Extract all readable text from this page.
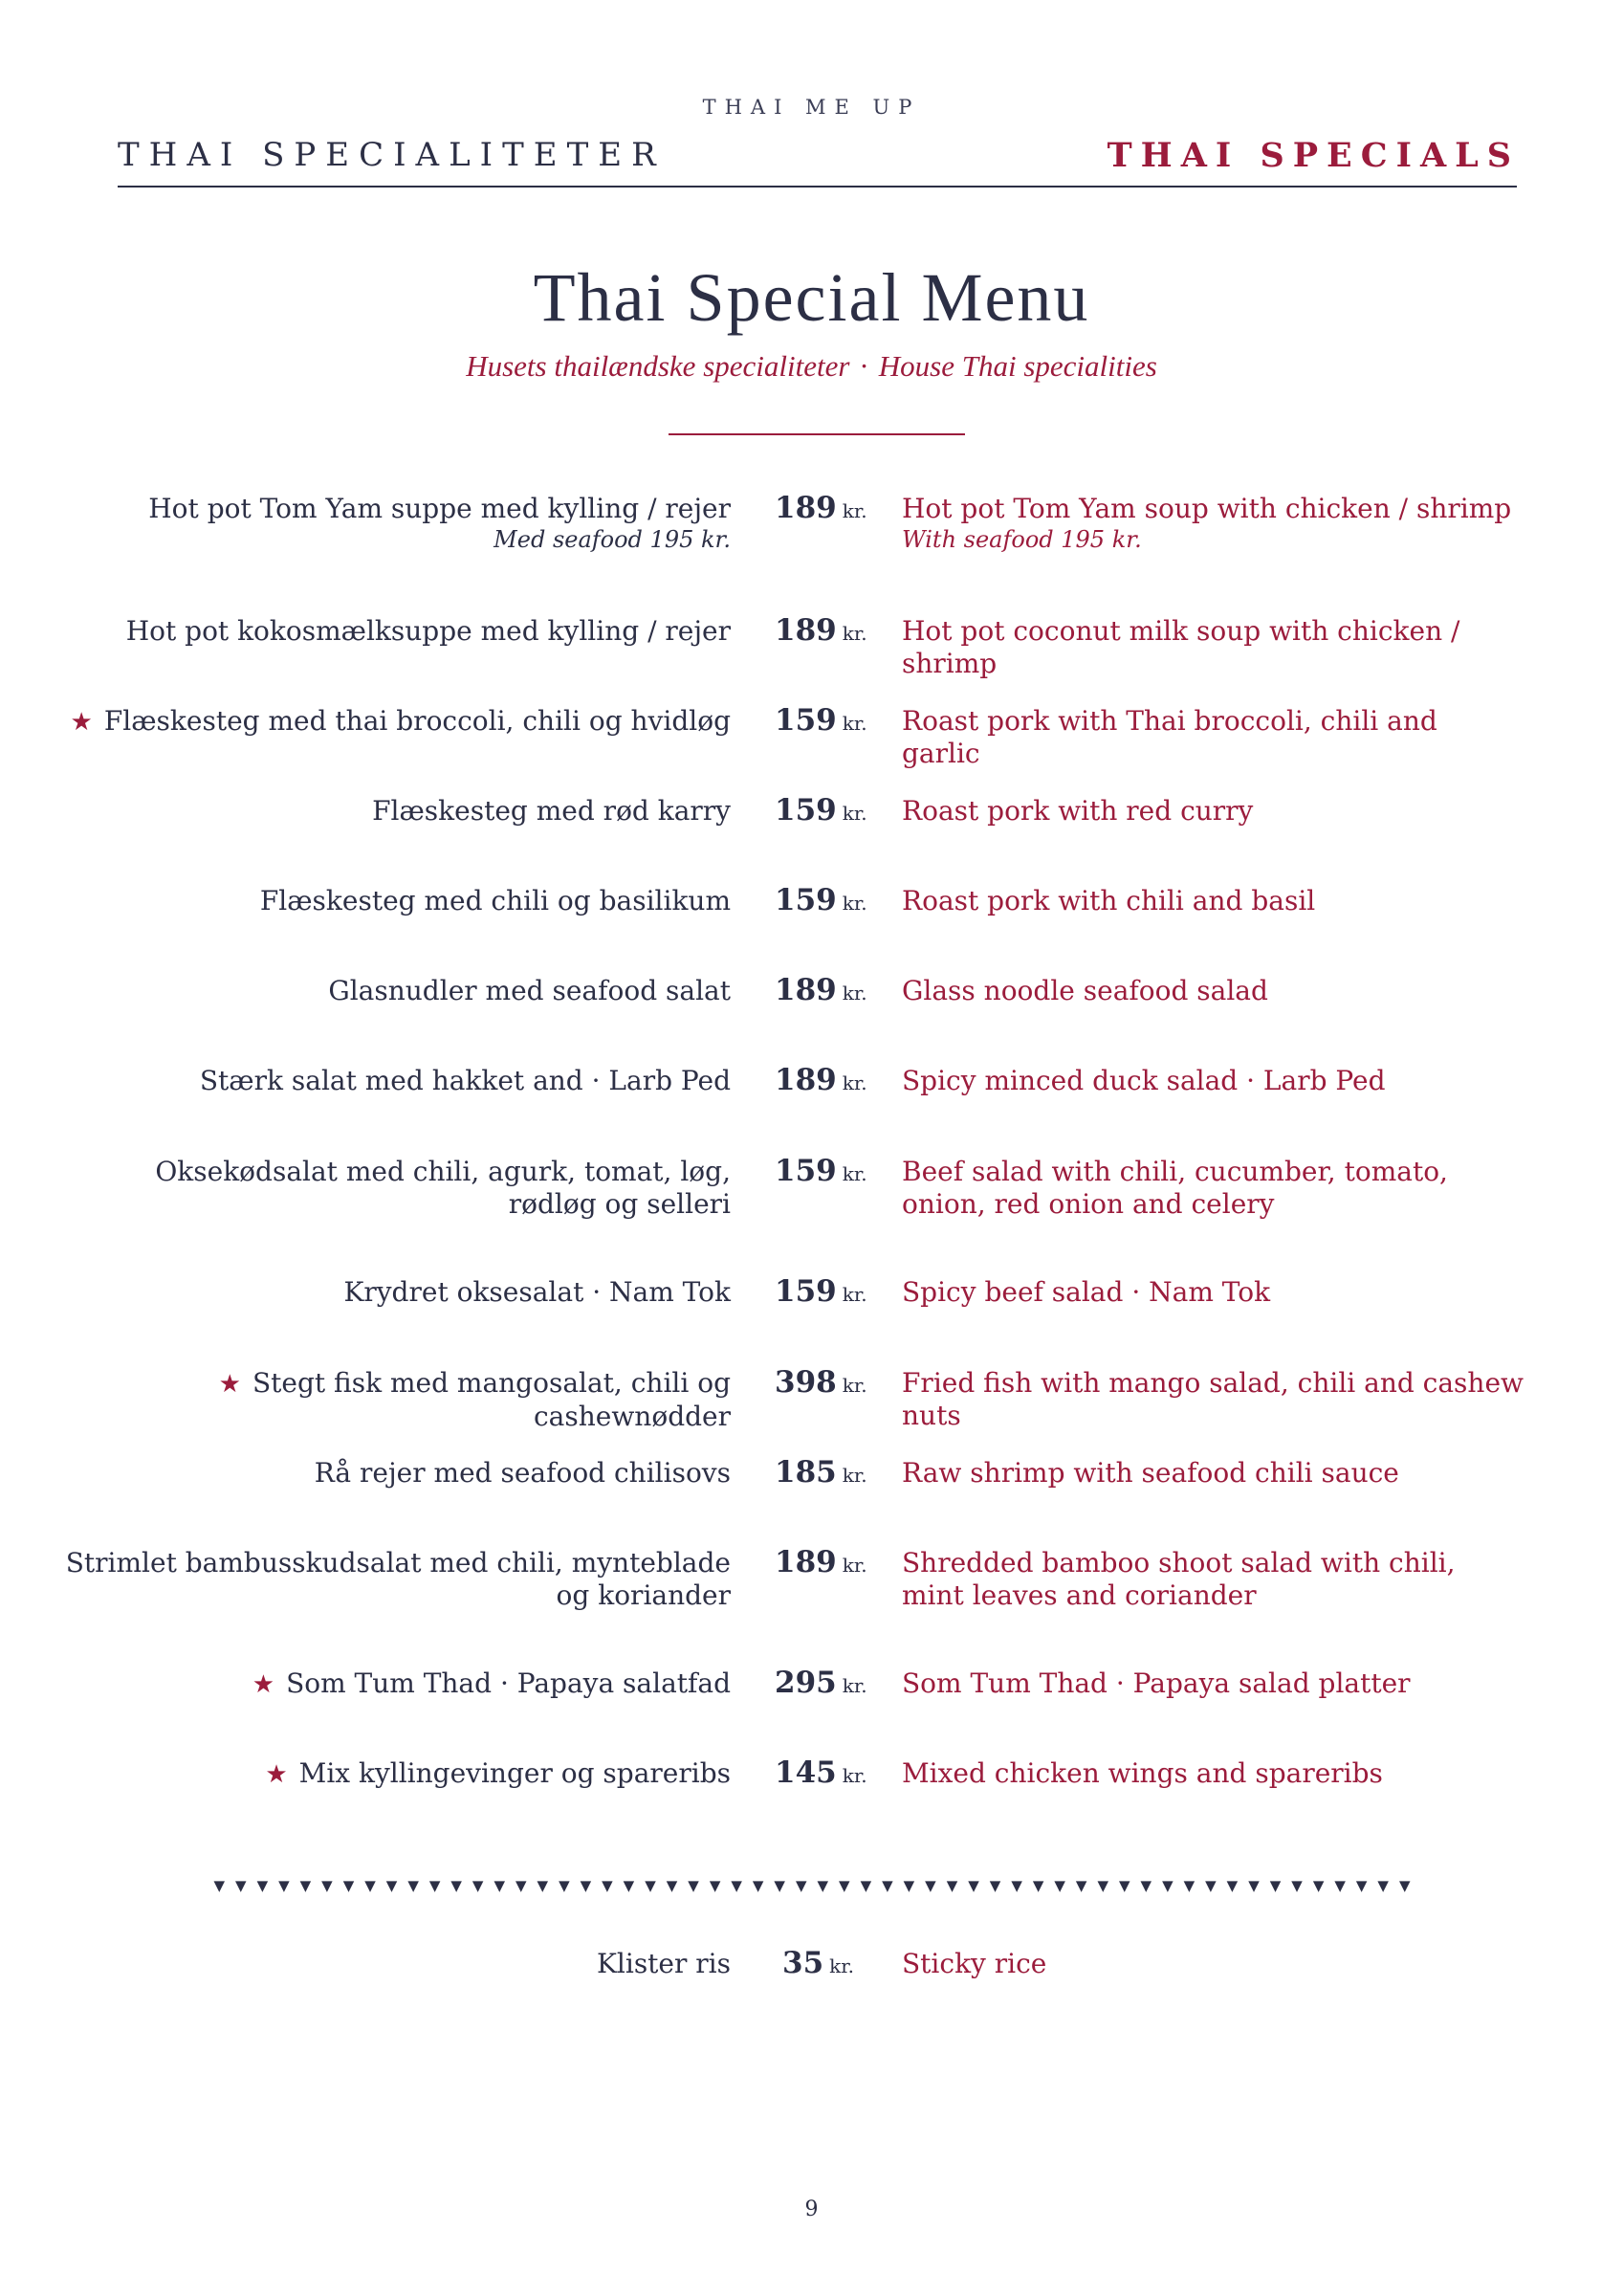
THAI ME UP
THAI SPECIALITETER	THAI SPECIALS
Thai Special Menu
Husets thailændske specialiteter · House Thai specialities
Hot pot Tom Yam suppe med kylling / rejer
Med seafood 195 kr.
189 kr. Hot pot Tom Yam soup with chicken / shrimp
With seafood 195 kr.
Hot pot kokosmælksuppe med kylling / rejer 189 kr. Hot pot coconut milk soup with chicken / shrimp
★ Flæskesteg med thai broccoli, chili og hvidløg 159 kr. Roast pork with Thai broccoli, chili and garlic
Flæskesteg med rød karry 159 kr. Roast pork with red curry
Flæskesteg med chili og basilikum 159 kr. Roast pork with chili and basil
Glasnudler med seafood salat 189 kr. Glass noodle seafood salad
Stærk salat med hakket and · Larb Ped 189 kr. Spicy minced duck salad · Larb Ped
Oksekødsalat med chili, agurk, tomat, løg, rødløg og selleri
159 kr. Beef salad with chili, cucumber, tomato, onion, red onion and celery
Krydret oksesalat · Nam Tok 159 kr. Spicy beef salad · Nam Tok
★ Stegt fisk med mangosalat, chili og cashewnødder
398 kr. Fried fish with mango salad, chili and cashew nuts
Rå rejer med seafood chilisovs 185 kr. Raw shrimp with seafood chili sauce
Strimlet bambusskudsalat med chili, mynteblade og koriander
189 kr. Shredded bamboo shoot salad with chili, mint leaves and coriander
★ Som Tum Thad · Papaya salatfad 295 kr. Som Tum Thad · Papaya salad platter
★ Mix kyllingevinger og spareribs 145 kr. Mixed chicken wings and spareribs
▼▼▼▼▼▼▼▼▼▼▼▼▼▼▼▼▼▼▼▼▼▼▼▼▼▼▼▼▼▼▼▼▼▼▼▼▼▼▼▼▼▼▼▼▼▼▼▼▼▼▼▼▼▼▼▼
Klister ris 35 kr.	Sticky rice
9
